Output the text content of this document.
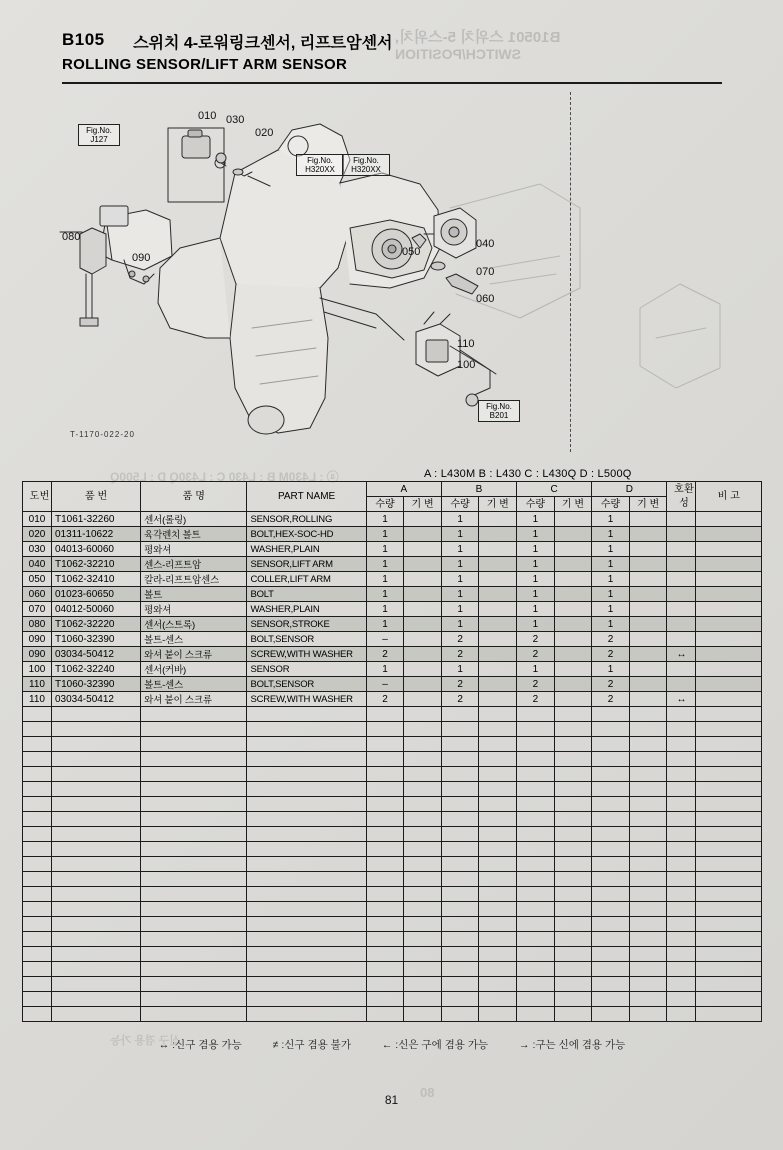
B10501 스위치 5-스위치,
SWITCH/POSITION
B105 스위치 4-로워링크센서, 리프트암센서
ROLLING SENSOR/LIFT ARM SENSOR
010 030
020
080
090	050
040
070
060
110
100
Fig.No.
J127
Fig.No.
H320XX
Fig.No.
H320XX
Fig.No.
B201
T-1170-022-20
A : L430M B : L430 C : L430Q D : L500Q
도번	품 번	품 명	PART NAME	A		B		C		D		호환성	비 고
				수량	기 변	수량	기 변	수량	기 변	수량	기 변		
010	T1061-32260	센서(롤링)	SENSOR,ROLLING	1		1		1		1			
020	01311-10622	육각렌치 볼트	BOLT,HEX-SOC-HD	1		1		1		1			
030	04013-60060	평와셔	WASHER,PLAIN	1		1		1		1			
040	T1062-32210	센스-리프트암	SENSOR,LIFT ARM	1		1		1		1			
050	T1062-32410	칼라-리프트암센스	COLLER,LIFT ARM	1		1		1		1			
060	01023-60650	볼트	BOLT	1		1		1		1			
070	04012-50060	평와셔	WASHER,PLAIN	1		1		1		1			
080	T1062-32220	센서(스트록)	SENSOR,STROKE	1		1		1		1			
090	T1060-32390	볼트-센스	BOLT,SENSOR	–		2		2		2			
090	03034-50412	와셔 붙이 스크류	SCREW,WITH WASHER	2		2		2		2		↔	
100	T1062-32240	센서(커바)	SENSOR	1		1		1		1			
110	T1060-32390	볼트-센스	BOLT,SENSOR	–		2		2		2			
110	03034-50412	와셔 붙이 스크류	SCREW,WITH WASHER	2		2		2		2		↔	

↔ :신구 겸용 가능	≠ :신구 겸용 불가	← :신은 구에 겸용 가능	→ :구는 신에 겸용 가능
81
